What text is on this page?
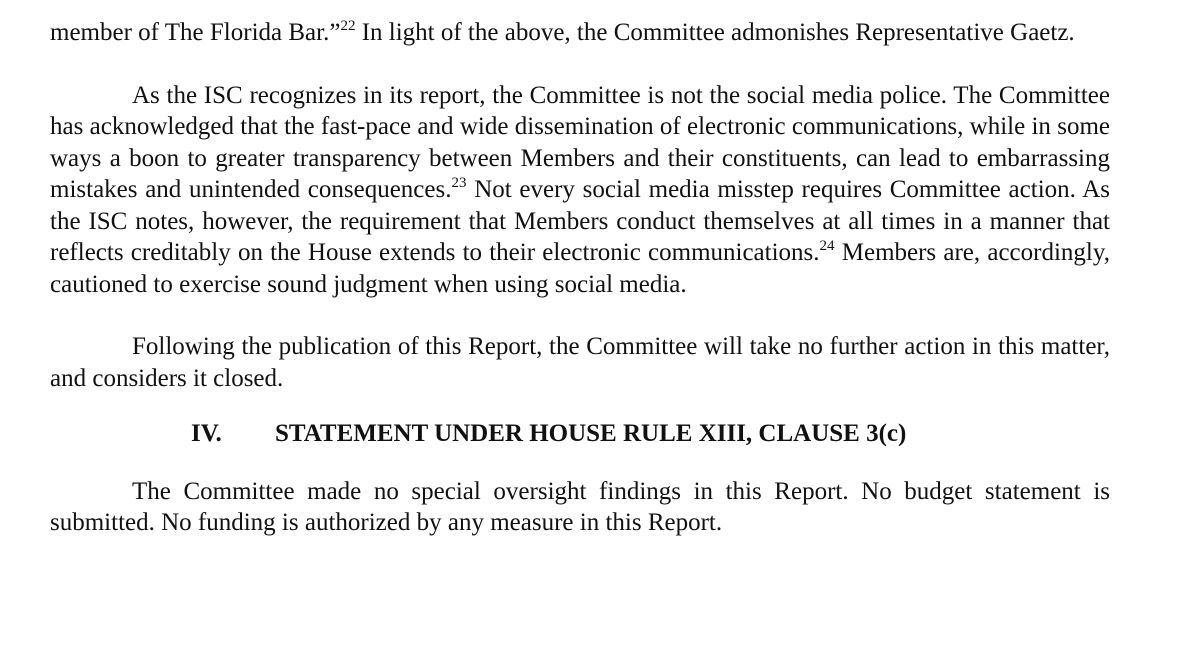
member of The Florida Bar.”$^{22}$ In light of the above, the Committee admonishes Representative Gaetz.

As the ISC recognizes in its report, the Committee is not the social media police. The Committee has acknowledged that the fast-pace and wide dissemination of electronic communications, while in some ways a boon to greater transparency between Members and their constituents, can lead to embarrassing mistakes and unintended consequences.$^{23}$ Not every social media misstep requires Committee action. As the ISC notes, however, the requirement that Members conduct themselves at all times in a manner that reflects creditably on the House extends to their electronic communications.$^{24}$ Members are, accordingly, cautioned to exercise sound judgment when using social media.

Following the publication of this Report, the Committee will take no further action in this matter, and considers it closed.

IV. STATEMENT UNDER HOUSE RULE XIII, CLAUSE 3(c)

The Committee made no special oversight findings in this Report. No budget statement is submitted. No funding is authorized by any measure in this Report.
